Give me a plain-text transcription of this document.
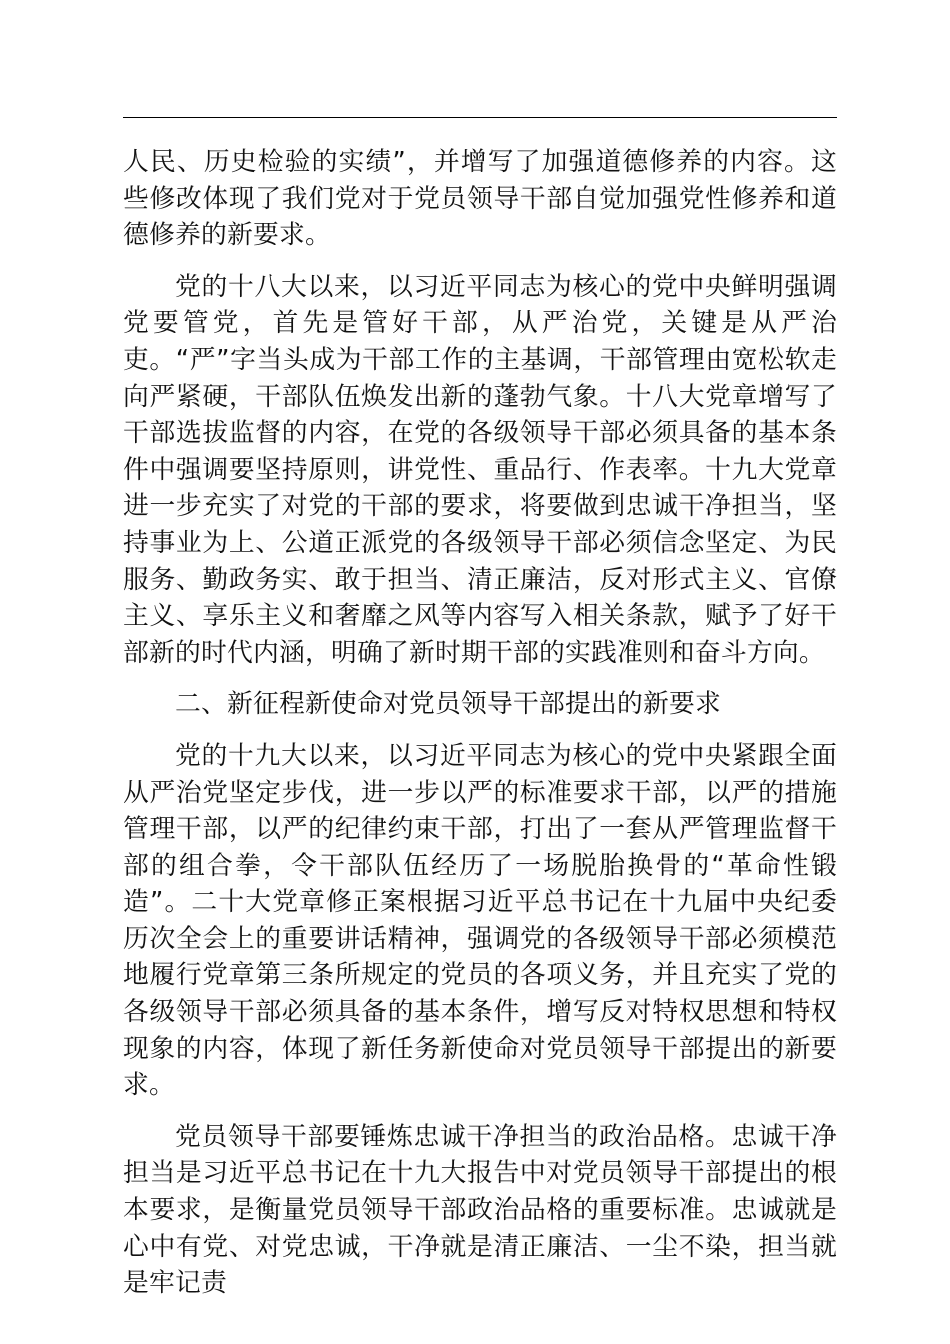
人民、历史检验的实绩”，并增写了加强道德修养的内容。这些修改体现了我们党对于党员领导干部自觉加强党性修养和道德修养的新要求。

党的十八大以来，以习近平同志为核心的党中央鲜明强调党要管党，首先是管好干部，从严治党，关键是从严治吏。“严”字当头成为干部工作的主基调，干部管理由宽松软走向严紧硬，干部队伍焕发出新的蓬勃气象。十八大党章增写了干部选拔监督的内容，在党的各级领导干部必须具备的基本条件中强调要坚持原则，讲党性、重品行、作表率。十九大党章进一步充实了对党的干部的要求，将要做到忠诚干净担当，坚持事业为上、公道正派党的各级领导干部必须信念坚定、为民服务、勤政务实、敢于担当、清正廉洁，反对形式主义、官僚主义、享乐主义和奢靡之风等内容写入相关条款，赋予了好干部新的时代内涵，明确了新时期干部的实践准则和奋斗方向。

二、新征程新使命对党员领导干部提出的新要求

党的十九大以来，以习近平同志为核心的党中央紧跟全面从严治党坚定步伐，进一步以严的标准要求干部，以严的措施管理干部，以严的纪律约束干部，打出了一套从严管理监督干部的组合拳，令干部队伍经历了一场脱胎换骨的“革命性锻造”。二十大党章修正案根据习近平总书记在十九届中央纪委历次全会上的重要讲话精神，强调党的各级领导干部必须模范地履行党章第三条所规定的党员的各项义务，并且充实了党的各级领导干部必须具备的基本条件，增写反对特权思想和特权现象的内容，体现了新任务新使命对党员领导干部提出的新要求。

党员领导干部要锤炼忠诚干净担当的政治品格。忠诚干净担当是习近平总书记在十九大报告中对党员领导干部提出的根本要求，是衡量党员领导干部政治品格的重要标准。忠诚就是心中有党、对党忠诚，干净就是清正廉洁、一尘不染，担当就是牢记责
